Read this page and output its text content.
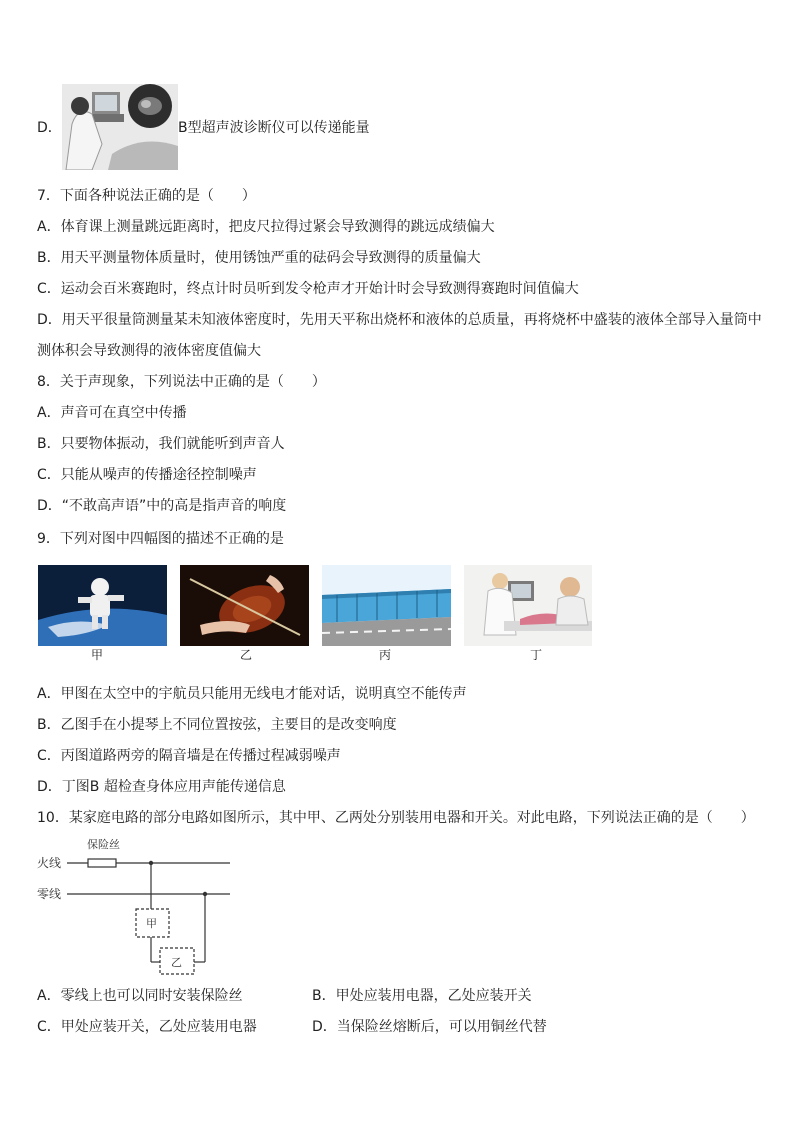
D．	B型超声波诊断仪可以传递能量
7．下面各种说法正确的是（　　）
A．体育课上测量跳远距离时，把皮尺拉得过紧会导致测得的跳远成绩偏大
B．用天平测量物体质量时，使用锈蚀严重的砝码会导致测得的质量偏大
C．运动会百米赛跑时，终点计时员听到发令枪声才开始计时会导致测得赛跑时间值偏大
D．用天平很量筒测量某未知液体密度时，先用天平称出烧杯和液体的总质量，再将烧杯中盛装的液体全部导入量筒中
测体积会导致测得的液体密度值偏大
8．关于声现象，下列说法中正确的是（　　）
A．声音可在真空中传播
B．只要物体振动，我们就能听到声音人
C．只能从噪声的传播途径控制噪声
D．“不敢高声语”中的高是指声音的响度
9．下列对图中四幅图的描述不正确的是
甲	乙	丙	丁
A．甲图在太空中的宇航员只能用无线电才能对话，说明真空不能传声
B．乙图手在小提琴上不同位置按弦，主要目的是改变响度
C．丙图道路两旁的隔音墙是在传播过程减弱噪声
D．丁图B 超检查身体应用声能传递信息
10．某家庭电路的部分电路如图所示，其中甲、乙两处分别装用电器和开关。对此电路，下列说法正确的是（　　）
保险丝
火线
零线
甲
乙
A．零线上也可以同时安装保险丝	B．甲处应装用电器，乙处应装开关
C．甲处应装开关，乙处应装用电器	D．当保险丝熔断后，可以用铜丝代替
